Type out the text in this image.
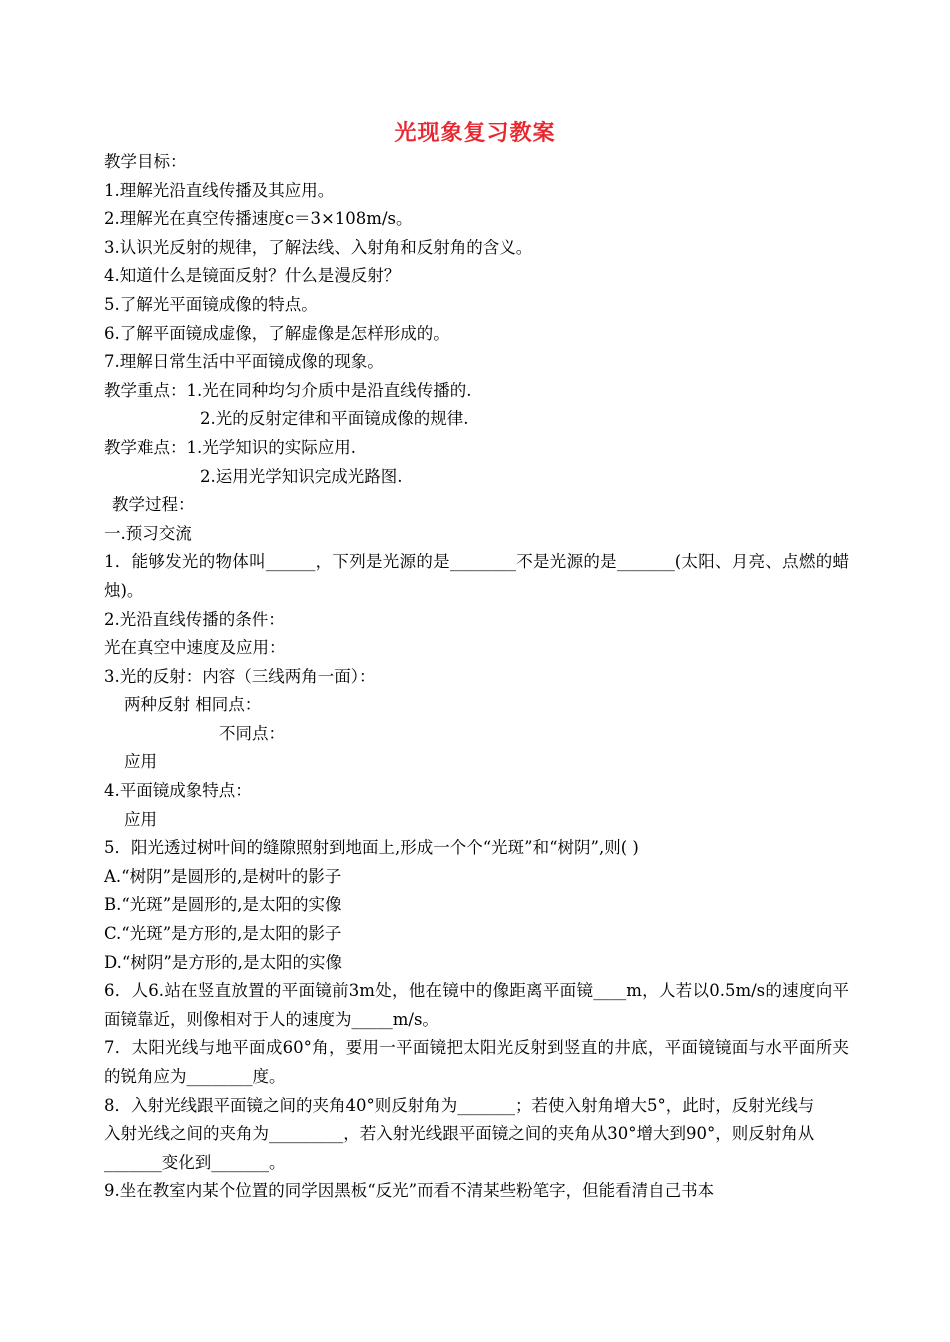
光现象复习教案
教学目标：
1.理解光沿直线传播及其应用。
2.理解光在真空传播速度c＝3×108m/s。
3.认识光反射的规律，了解法线、入射角和反射角的含义。
4.知道什么是镜面反射？什么是漫反射？
5.了解光平面镜成像的特点。
6.了解平面镜成虚像，了解虚像是怎样形成的。
7.理解日常生活中平面镜成像的现象。
教学重点：1.光在同种均匀介质中是沿直线传播的.
2.光的反射定律和平面镜成像的规律.
教学难点：1.光学知识的实际应用.
2.运用光学知识完成光路图.
教学过程：
一.预习交流
1．能够发光的物体叫______，下列是光源的是________不是光源的是_______(太阳、月亮、点燃的蜡烛)。
2.光沿直线传播的条件：
光在真空中速度及应用：
3.光的反射：内容（三线两角一面）：
两种反射 相同点：
不同点：
应用
4.平面镜成象特点：
应用
5．阳光透过树叶间的缝隙照射到地面上,形成一个个“光斑”和“树阴”,则( )
A.“树阴”是圆形的,是树叶的影子
B.“光斑”是圆形的,是太阳的实像
C.“光斑”是方形的,是太阳的影子
D.“树阴”是方形的,是太阳的实像
6．人6.站在竖直放置的平面镜前3m处，他在镜中的像距离平面镜____m，人若以0.5m/s的速度向平面镜靠近，则像相对于人的速度为_____m/s。
7．太阳光线与地平面成60°角，要用一平面镜把太阳光反射到竖直的井底，平面镜镜面与水平面所夹的锐角应为________度。
8．入射光线跟平面镜之间的夹角40°则反射角为_______；若使入射角增大5°，此时，反射光线与
入射光线之间的夹角为_________，若入射光线跟平面镜之间的夹角从30°增大到90°，则反射角从_______变化到_______。
9.坐在教室内某个位置的同学因黑板“反光”而看不清某些粉笔字，但能看清自己书本
